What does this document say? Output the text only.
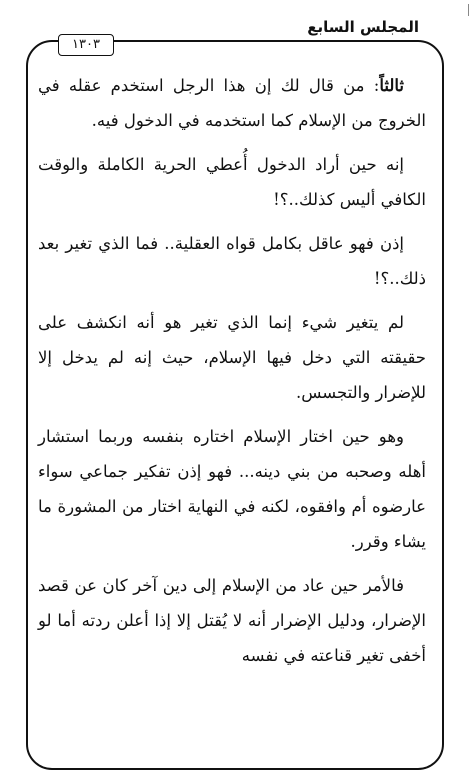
المجلس السابع
١٣٠٣

ثالثاً: من قال لك إن هذا الرجل استخدم عقله في الخروج من الإسلام كما استخدمه في الدخول فيه.

إنه حين أراد الدخول أُعطي الحرية الكاملة والوقت الكافي أليس كذلك..؟!

إذن فهو عاقل بكامل قواه العقلية.. فما الذي تغير بعد ذلك..؟!

لم يتغير شيء إنما الذي تغير هو أنه انكشف على حقيقته التي دخل فيها الإسلام، حيث إنه لم يدخل إلا للإضرار والتجسس.

وهو حين اختار الإسلام اختاره بنفسه وربما استشار أهله وصحبه من بني دينه... فهو إذن تفكير جماعي سواء عارضوه أم وافقوه، لكنه في النهاية اختار من المشورة ما يشاء وقرر.

فالأمر حين عاد من الإسلام إلى دين آخر كان عن قصد الإضرار، ودليل الإضرار أنه لا يُقتل إلا إذا أعلن ردته أما لو أخفى تغير قناعته في نفسه
